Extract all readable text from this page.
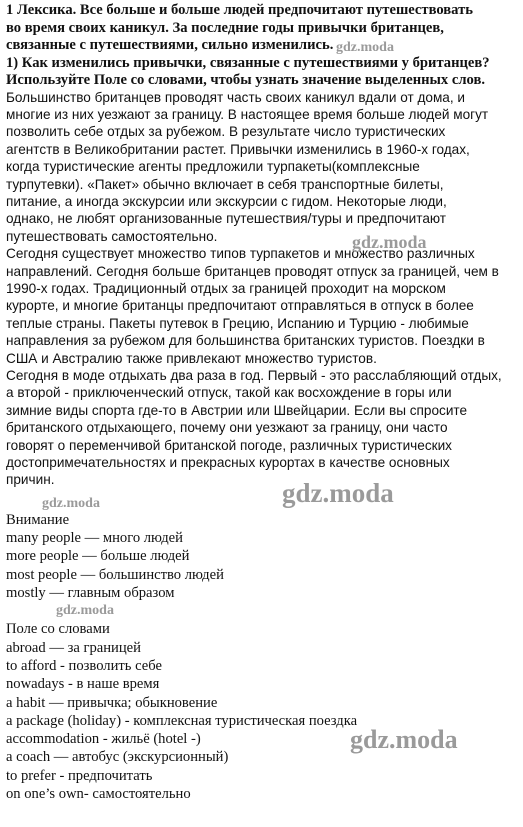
1 Лексика. Все больше и больше людей предпочитают путешествовать

во время своих каникул. За последние годы привычки британцев,

связанные с путешествиями, сильно изменились.

1) Как изменились привычки, связанные с путешествиями у британцев?

Используйте Поле со словами, чтобы узнать значение выделенных слов.

Большинство британцев проводят часть своих каникул вдали от дома, и

многие из них уезжают за границу. В настоящее время больше людей могут

позволить себе отдых за рубежом. В результате число туристических

агентств в Великобритании растет. Привычки изменились в 1960-х годах,

когда туристические агенты предложили турпакеты(комплексные

турпутевки). «Пакет» обычно включает в себя транспортные билеты,

питание, а иногда экскурсии или экскурсии с гидом. Некоторые люди,

однако, не любят организованные путешествия/туры и предпочитают

путешествовать самостоятельно.

Сегодня существует множество типов турпакетов и множество различных

направлений. Сегодня больше британцев проводят отпуск за границей, чем в

1990-х годах. Традиционный отдых за границей проходит на морском

курорте, и многие британцы предпочитают отправляться в отпуск в более

теплые страны. Пакеты путевок в Грецию, Испанию и Турцию - любимые

направления за рубежом для большинства британских туристов. Поездки в

США и Австралию также привлекают множество туристов.

Сегодня в моде отдыхать два раза в год. Первый - это расслабляющий отдых,

а второй - приключенческий отпуск, такой как восхождение в горы или

зимние виды спорта где-то в Австрии или Швейцарии. Если вы спросите

британского отдыхающего, почему они уезжают за границу, они часто

говорят о переменчивой британской погоде, различных туристических

достопримечательностях и прекрасных курортах в качестве основных

причин.

Внимание

many people — много людей

more people — больше людей

most people — большинство людей

mostly — главным образом

Поле со словами

abroad — за границей

to afford - позволить себе

nowadays - в наше время

a habit — привычка; обыкновение

a package (holiday) - комплексная туристическая поездка

accommodation - жильё (hotel -)

a coach — автобус (экскурсионный)

to prefer - предпочитать

on one’s own- самостоятельно

gdz.moda
gdz.moda
gdz.moda
gdz.moda
gdz.moda
gdz.moda
